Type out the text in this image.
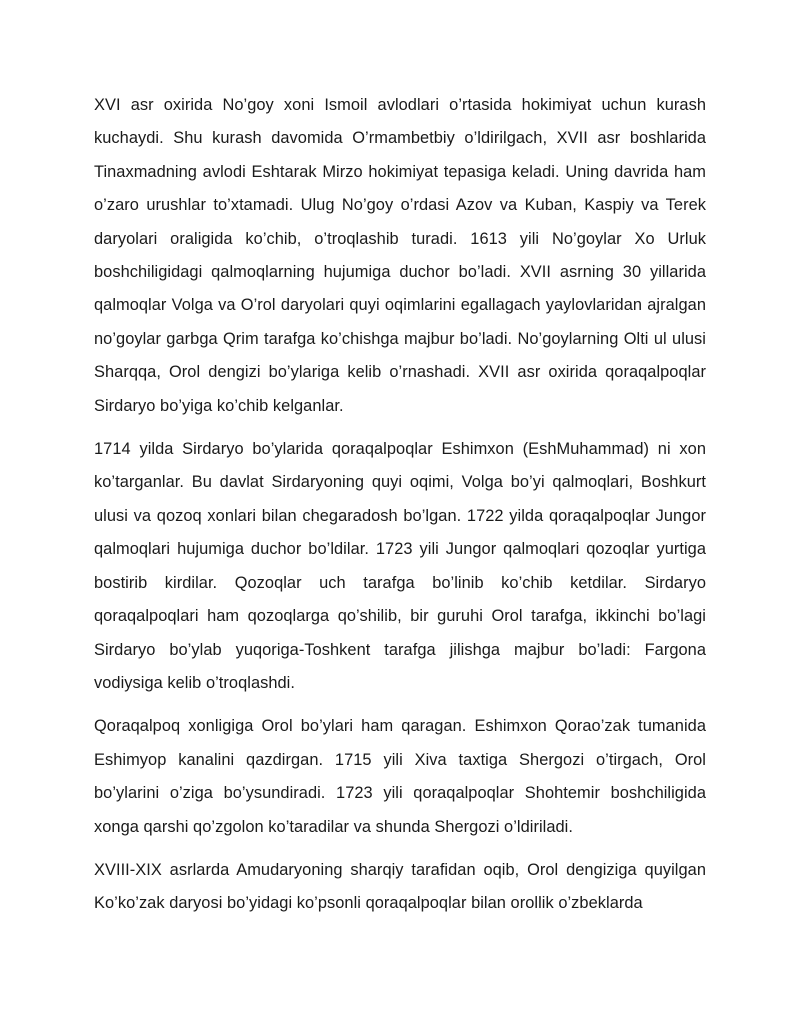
XVI asr oxirida No’goy xoni Ismoil avlodlari o’rtasida hokimiyat uchun kurash kuchaydi. Shu kurash davomida O’rmambetbiy o’ldirilgach, XVII asr boshlarida Tinaxmadning avlodi Eshtarak Mirzo hokimiyat tepasiga keladi. Uning davrida ham o’zaro urushlar to’xtamadi. Ulug No’goy o’rdasi Azov va Kuban, Kaspiy va Terek daryolari oraligida ko’chib, o’troqlashib turadi. 1613 yili No’goylar Xo Urluk boshchiligidagi qalmoqlarning hujumiga duchor bo’ladi. XVII asrning 30 yillarida qalmoqlar Volga va O’rol daryolari quyi oqimlarini egallagach yaylovlaridan ajralgan no’goylar garbga Qrim tarafga ko’chishga majbur bo’ladi. No’goylarning Olti ul ulusi Sharqqa, Orol dengizi bo’ylariga kelib o’rnashadi. XVII asr oxirida qoraqalpoqlar Sirdaryo bo’yiga ko’chib kelganlar.

1714 yilda Sirdaryo bo’ylarida qoraqalpoqlar Eshimxon (EshMuhammad) ni xon ko’targanlar. Bu davlat Sirdaryoning quyi oqimi, Volga bo’yi qalmoqlari, Boshkurt ulusi va qozoq xonlari bilan chegaradosh bo’lgan. 1722 yilda qoraqalpoqlar Jungor qalmoqlari hujumiga duchor bo’ldilar. 1723 yili Jungor qalmoqlari qozoqlar yurtiga bostirib kirdilar. Qozoqlar uch tarafga bo’linib ko’chib ketdilar. Sirdaryo qoraqalpoqlari ham qozoqlarga qo’shilib, bir guruhi Orol tarafga, ikkinchi bo’lagi Sirdaryo bo’ylab yuqoriga-Toshkent tarafga jilishga majbur bo’ladi: Fargona vodiysiga kelib o’troqlashdi.

Qoraqalpoq xonligiga Orol bo’ylari ham qaragan. Eshimxon Qorao’zak tumanida Eshimyop kanalini qazdirgan. 1715 yili Xiva taxtiga Shergozi o’tirgach, Orol bo’ylarini o’ziga bo’ysundiradi. 1723 yili qoraqalpoqlar Shohtemir boshchiligida xonga qarshi qo’zgolon ko’taradilar va shunda Shergozi o’ldiriladi.

XVIII-XIX asrlarda Amudaryoning sharqiy tarafidan oqib, Orol dengiziga quyilgan Ko’ko’zak daryosi bo’yidagi ko’psonli qoraqalpoqlar bilan orollik o’zbeklarda
